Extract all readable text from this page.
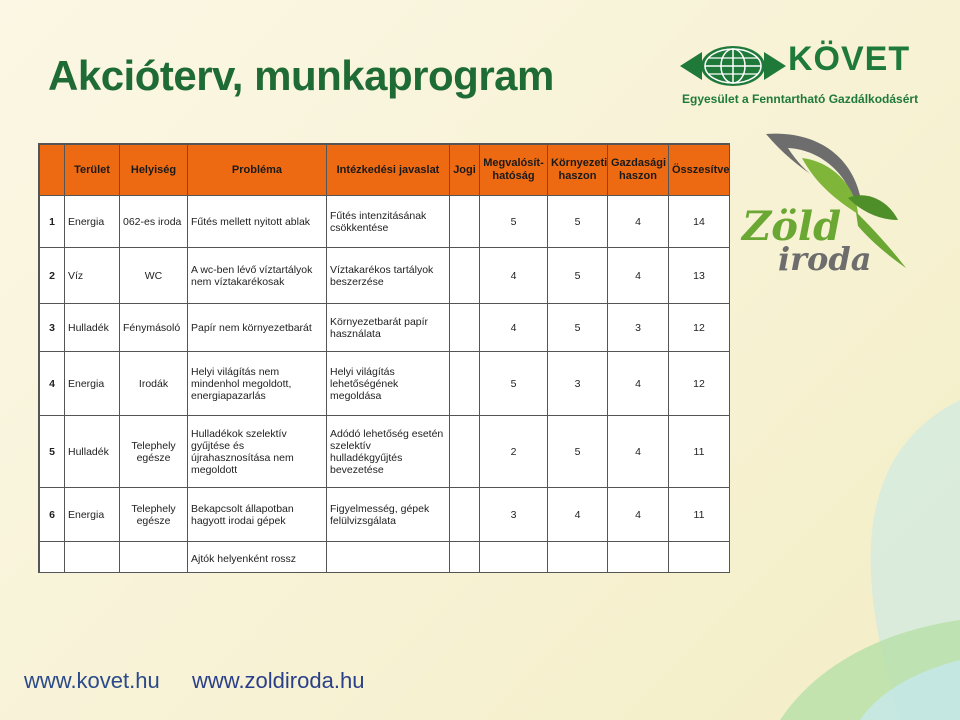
Akcióterv, munkaprogram	KÖVET
Egyesület a Fenntartható Gazdálkodásért
Zöld
iroda
	Terület	Helyiség	Probléma	Intézkedési javaslat	Jogi	Megvalósít-hatóság	Környezeti haszon	Gazdasági haszon	Összesítve
1	Energia	062-es iroda	Fűtés mellett nyitott ablak	Fűtés intenzitásának csökkentése		5	5	4	14
2	Víz	WC	A wc-ben lévő víztartályok nem víztakarékosak	Víztakarékos tartályok beszerzése		4	5	4	13
3	Hulladék	Fénymásoló	Papír nem környezetbarát	Környezetbarát papír használata		4	5	3	12
4	Energia	Irodák	Helyi világítás nem mindenhol megoldott, energiapazarlás	Helyi világítás lehetőségének megoldása		5	3	4	12
5	Hulladék	Telephely egésze	Hulladékok szelektív gyűjtése és újrahasznosítása nem megoldott	Adódó lehetőség esetén szelektív hulladékgyűjtés bevezetése		2	5	4	11
6	Energia	Telephely egésze	Bekapcsolt állapotban hagyott irodai gépek	Figyelmesség, gépek felülvizsgálata		3	4	4	11
			Ajtók helyenként rossz						
www.kovet.hu www.zoldiroda.hu
